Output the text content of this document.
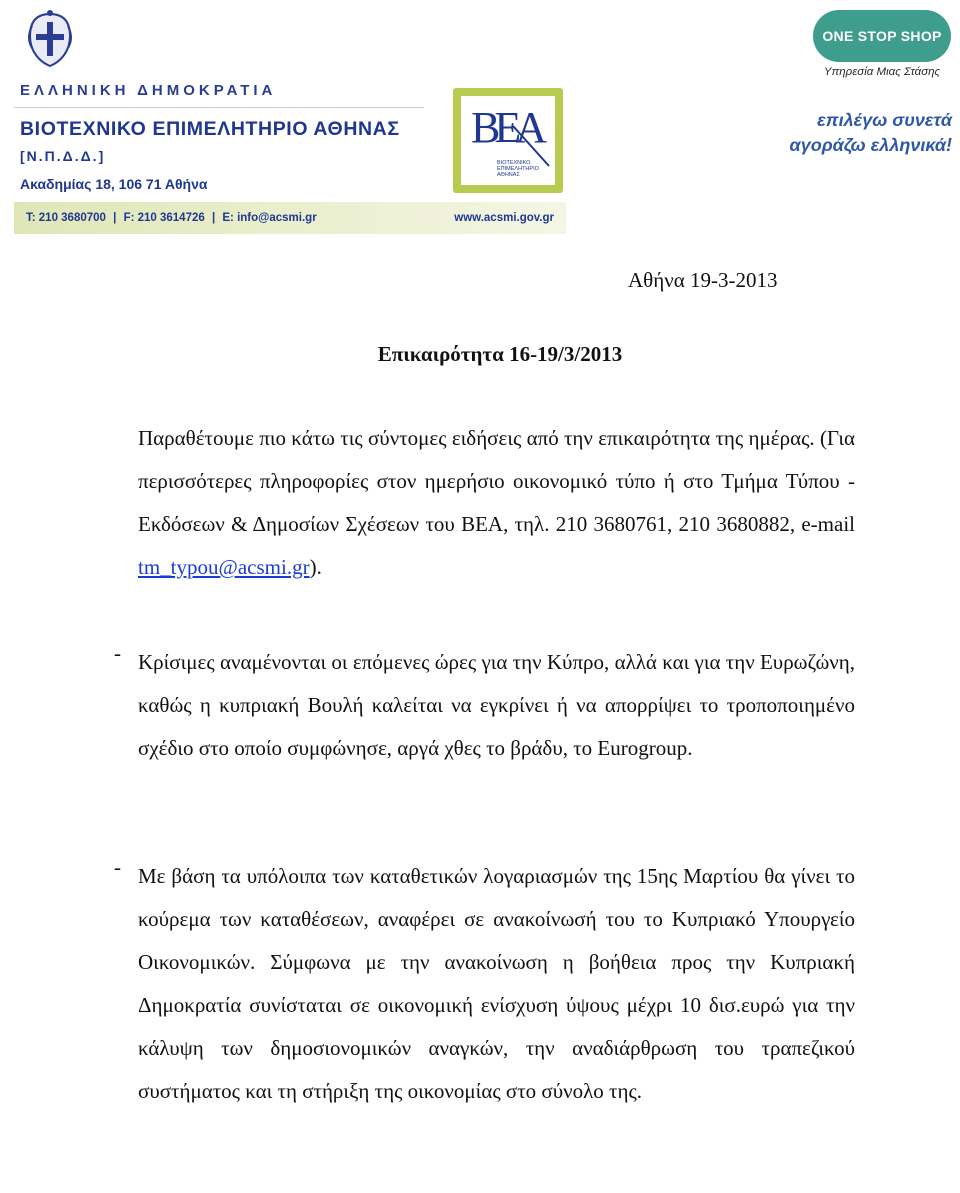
ΕΛΛΗΝΙΚΗ ΔΗΜΟΚΡΑΤΙΑ
ΒΙΟΤΕΧΝΙΚΟ ΕΠΙΜΕΛΗΤΗΡΙΟ ΑΘΗΝΑΣ
[Ν.Π.Δ.Δ.]
Ακαδημίας 18, 106 71 Αθήνα
T: 210 3680700 | F: 210 3614726 | E: info@acsmi.gr	www.acsmi.gov.gr
BEA
ΒΙΟΤΕΧΝΙΚΟ ΕΠΙΜΕΛΗΤΗΡΙΟ ΑΘΗΝΑΣ
ONE STOP SHOP
Υπηρεσία Μιας Στάσης
επιλέγω συνετά
αγοράζω ελληνικά!
Αθήνα 19-3-2013
Επικαιρότητα 16-19/3/2013
Παραθέτουμε πιο κάτω τις σύντομες ειδήσεις από την επικαιρότητα της ημέρας. (Για περισσότερες πληροφορίες στον ημερήσιο οικονομικό τύπο ή στο Τμήμα Τύπου - Εκδόσεων & Δημοσίων Σχέσεων του ΒΕΑ, τηλ. 210 3680761, 210 3680882, e-mail tm_typou@acsmi.gr).
- Κρίσιμες αναμένονται οι επόμενες ώρες για την Κύπρο, αλλά και για την Ευρωζώνη, καθώς η κυπριακή Βουλή καλείται να εγκρίνει ή να απορρίψει το τροποποιημένο σχέδιο στο οποίο συμφώνησε, αργά χθες το βράδυ, το Eurogroup.
- Με βάση τα υπόλοιπα των καταθετικών λογαριασμών της 15ης Μαρτίου θα γίνει το κούρεμα των καταθέσεων, αναφέρει σε ανακοίνωσή του το Κυπριακό Υπουργείο Οικονομικών. Σύμφωνα με την ανακοίνωση η βοήθεια προς την Κυπριακή Δημοκρατία συνίσταται σε οικονομική ενίσχυση ύψους μέχρι 10 δισ.ευρώ για την κάλυψη των δημοσιονομικών αναγκών, την αναδιάρθρωση του τραπεζικού συστήματος και τη στήριξη της οικονομίας στο σύνολο της.
